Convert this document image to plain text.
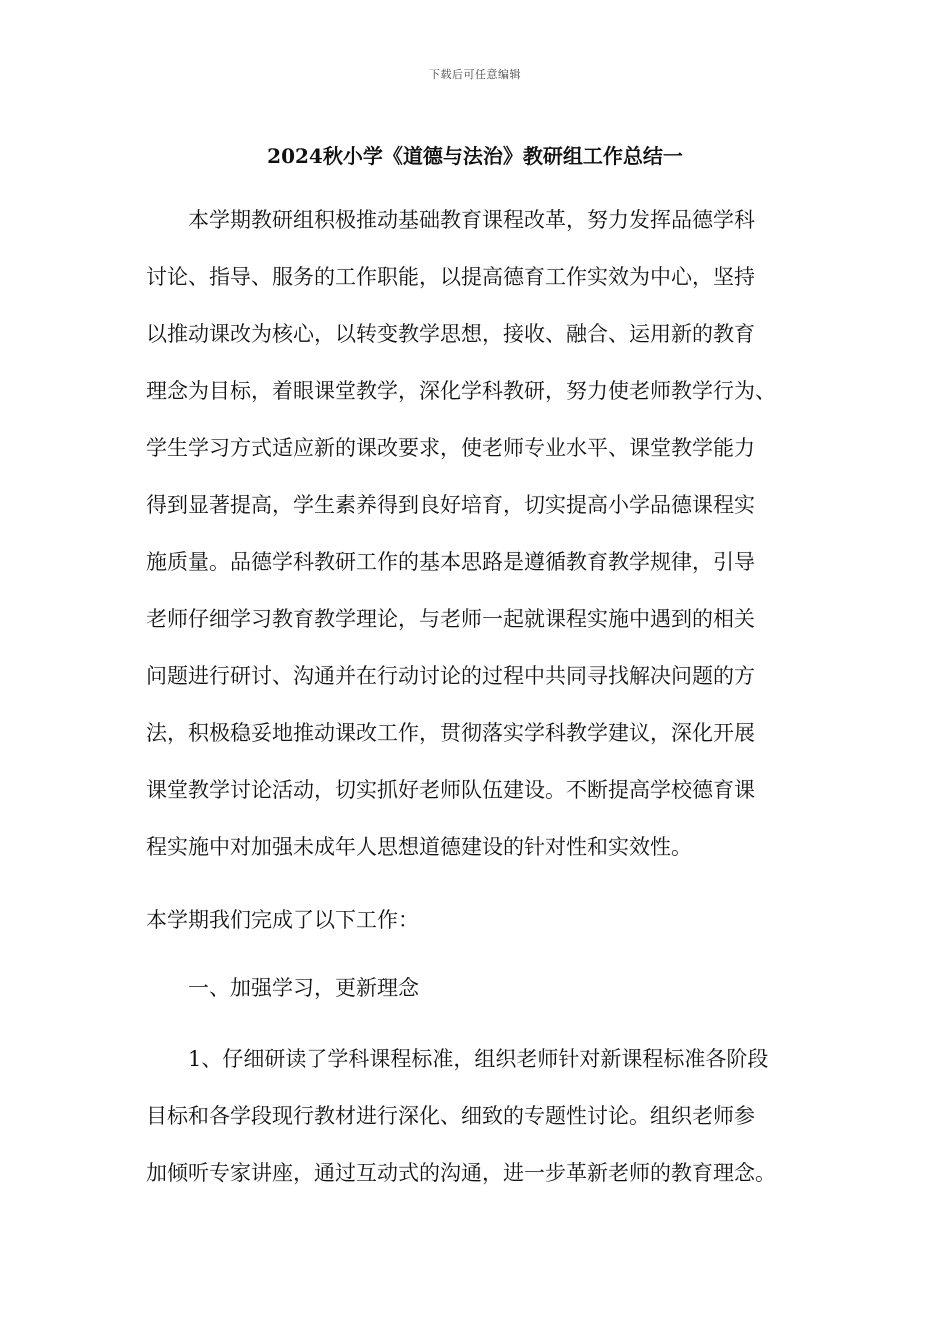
下载后可任意编辑
2024秋小学《道德与法治》教研组工作总结一
本学期教研组积极推动基础教育课程改革，努力发挥品德学科
讨论、指导、服务的工作职能，以提高德育工作实效为中心，坚持
以推动课改为核心，以转变教学思想，接收、融合、运用新的教育
理念为目标，着眼课堂教学，深化学科教研，努力使老师教学行为、
学生学习方式适应新的课改要求，使老师专业水平、课堂教学能力
得到显著提高，学生素养得到良好培育，切实提高小学品德课程实
施质量。品德学科教研工作的基本思路是遵循教育教学规律，引导
老师仔细学习教育教学理论，与老师一起就课程实施中遇到的相关
问题进行研讨、沟通并在行动讨论的过程中共同寻找解决问题的方
法，积极稳妥地推动课改工作，贯彻落实学科教学建议，深化开展
课堂教学讨论活动，切实抓好老师队伍建设。不断提高学校德育课
程实施中对加强未成年人思想道德建设的针对性和实效性。
本学期我们完成了以下工作：
一、加强学习，更新理念
1、仔细研读了学科课程标准，组织老师针对新课程标准各阶段
目标和各学段现行教材进行深化、细致的专题性讨论。组织老师参
加倾听专家讲座，通过互动式的沟通，进一步革新老师的教育理念。
